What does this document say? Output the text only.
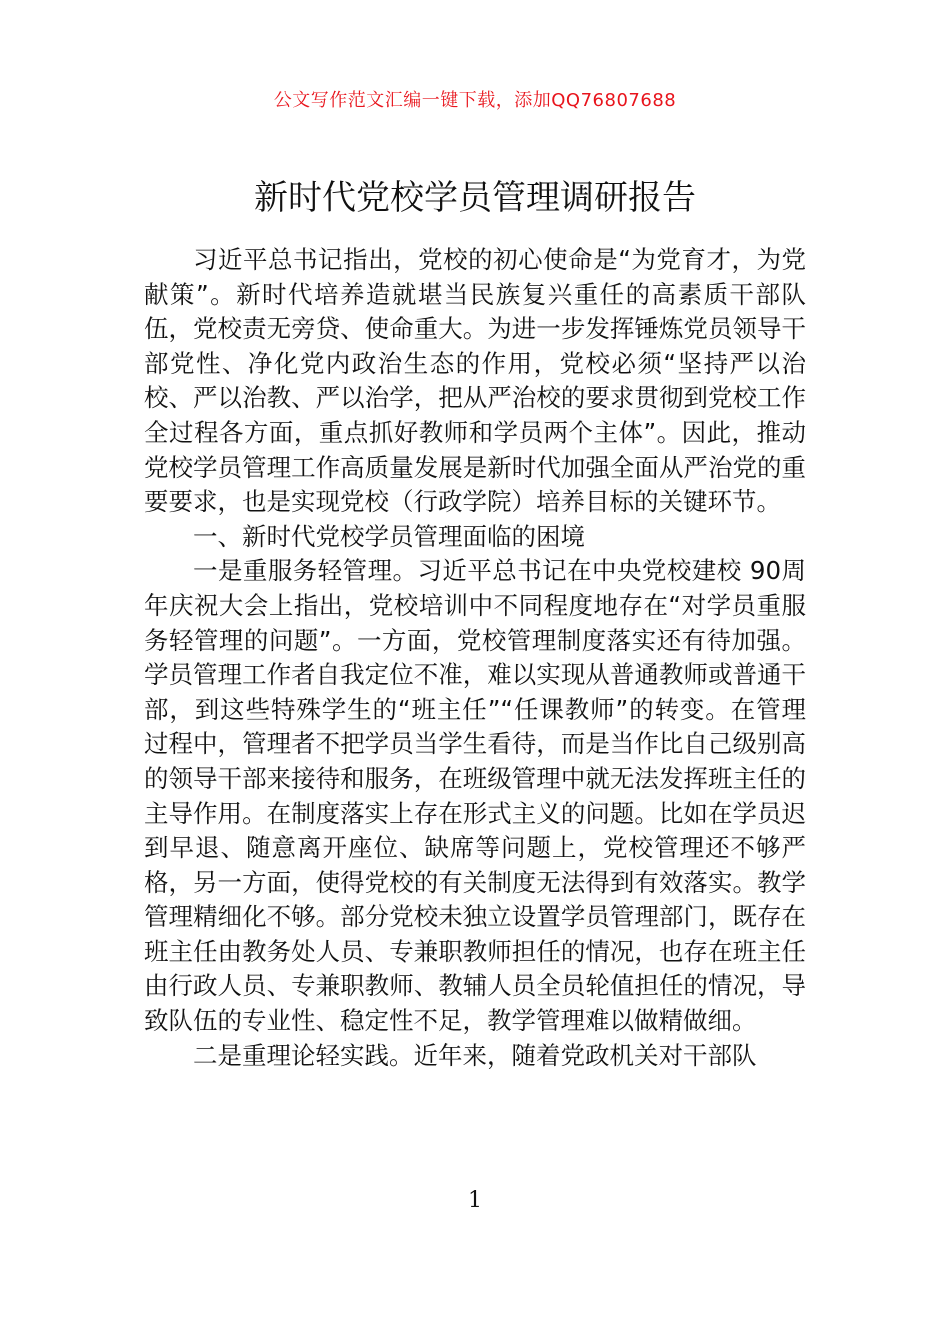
公文写作范文汇编一键下载，添加QQ76807688
新时代党校学员管理调研报告

习近平总书记指出，党校的初心使命是“为党育才，为党献策”。新时代培养造就堪当民族复兴重任的高素质干部队伍，党校责无旁贷、使命重大。为进一步发挥锤炼党员领导干部党性、净化党内政治生态的作用，党校必须“坚持严以治校、严以治教、严以治学，把从严治校的要求贯彻到党校工作全过程各方面，重点抓好教师和学员两个主体”。因此，推动党校学员管理工作高质量发展是新时代加强全面从严治党的重要要求，也是实现党校（行政学院）培养目标的关键环节。

一、新时代党校学员管理面临的困境

一是重服务轻管理。习近平总书记在中央党校建校 90周年庆祝大会上指出，党校培训中不同程度地存在“对学员重服务轻管理的问题”。一方面，党校管理制度落实还有待加强。学员管理工作者自我定位不准，难以实现从普通教师或普通干部，到这些特殊学生的“班主任”“任课教师”的转变。在管理过程中，管理者不把学员当学生看待，而是当作比自己级别高的领导干部来接待和服务，在班级管理中就无法发挥班主任的主导作用。在制度落实上存在形式主义的问题。比如在学员迟到早退、随意离开座位、缺席等问题上，党校管理还不够严格，另一方面，使得党校的有关制度无法得到有效落实。教学管理精细化不够。部分党校未独立设置学员管理部门，既存在班主任由教务处人员、专兼职教师担任的情况，也存在班主任由行政人员、专兼职教师、教辅人员全员轮值担任的情况，导致队伍的专业性、稳定性不足，教学管理难以做精做细。

二是重理论轻实践。近年来，随着党政机关对干部队

1
